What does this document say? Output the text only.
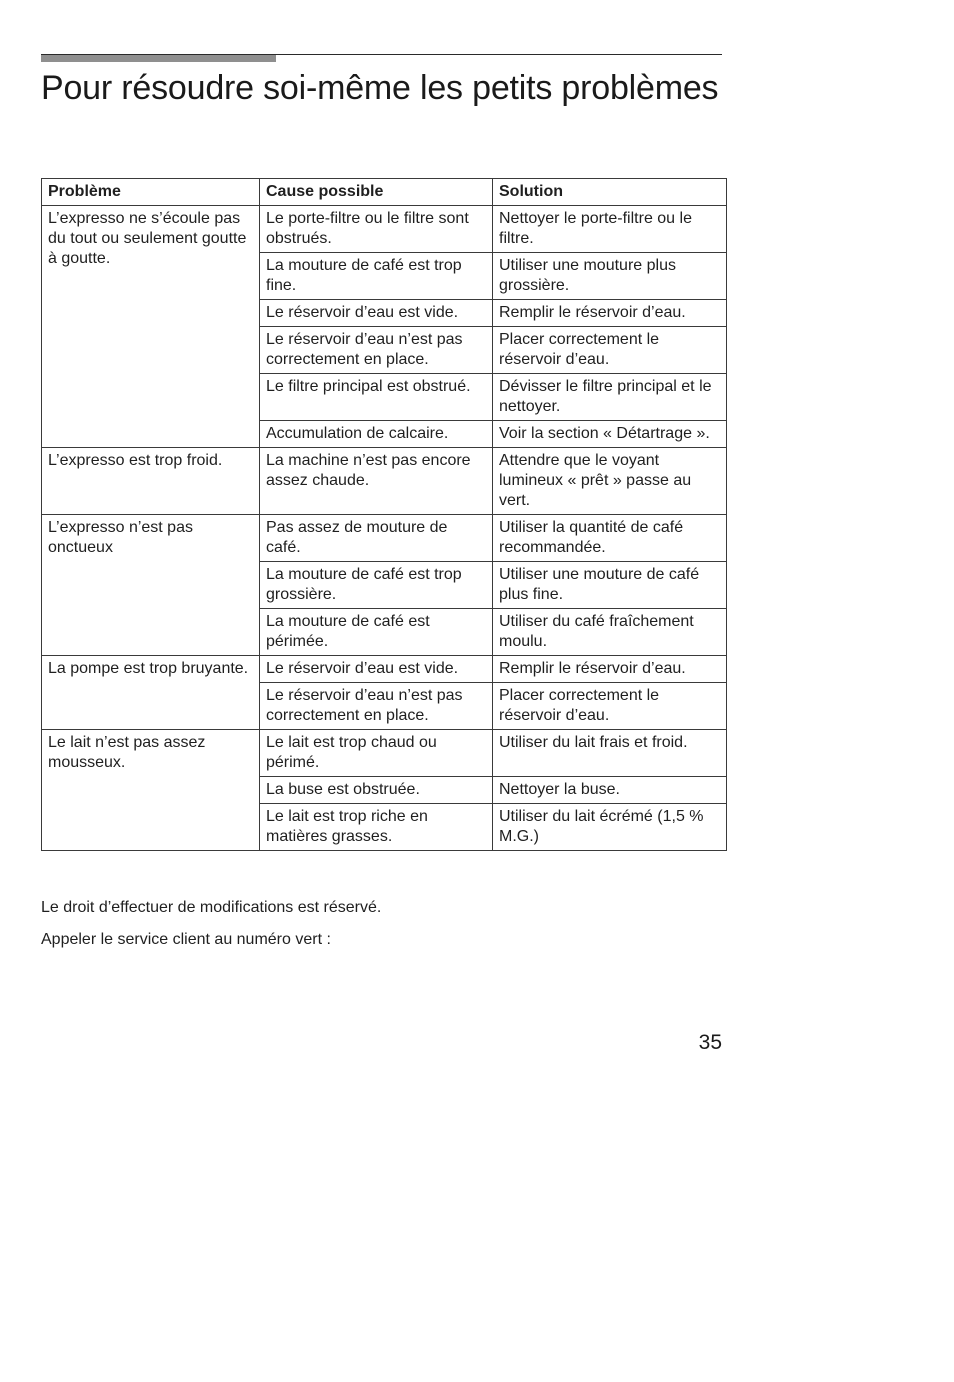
Pour résoudre soi-même les petits problèmes
Problème	Cause possible	Solution
L’expresso ne s’écoule pas du tout ou seulement goutte à goutte.	Le porte-filtre ou le filtre sont obstrués.	Nettoyer le porte-filtre ou le filtre.
	La mouture de café est trop fine.	Utiliser une mouture plus grossière.
	Le réservoir d’eau est vide.	Remplir le réservoir d’eau.
	Le réservoir d’eau n’est pas correctement en place.	Placer correctement le réservoir d’eau.
	Le filtre principal est obstrué.	Dévisser le filtre principal et le nettoyer.
	Accumulation de calcaire.	Voir la section « Détartrage ».
L’expresso est trop froid.	La machine n’est pas encore assez chaude.	Attendre que le voyant lumineux « prêt » passe au vert.
L’expresso n’est pas onctueux	Pas assez de mouture de café.	Utiliser la quantité de café recommandée.
	La mouture de café est trop grossière.	Utiliser une mouture de café plus fine.
	La mouture de café est périmée.	Utiliser du café fraîchement moulu.
La pompe est trop bruyante.	Le réservoir d’eau est vide.	Remplir le réservoir d’eau.
	Le réservoir d’eau n’est pas correctement en place.	Placer correctement le réservoir d’eau.
Le lait n’est pas assez mousseux.	Le lait est trop chaud ou périmé.	Utiliser du lait frais et froid.
	La buse est obstruée.	Nettoyer la buse.
	Le lait est trop riche en matières grasses.	Utiliser du lait écrémé (1,5 % M.G.)
Le droit d’effectuer de modifications est réservé.
Appeler le service client au numéro vert :
35
